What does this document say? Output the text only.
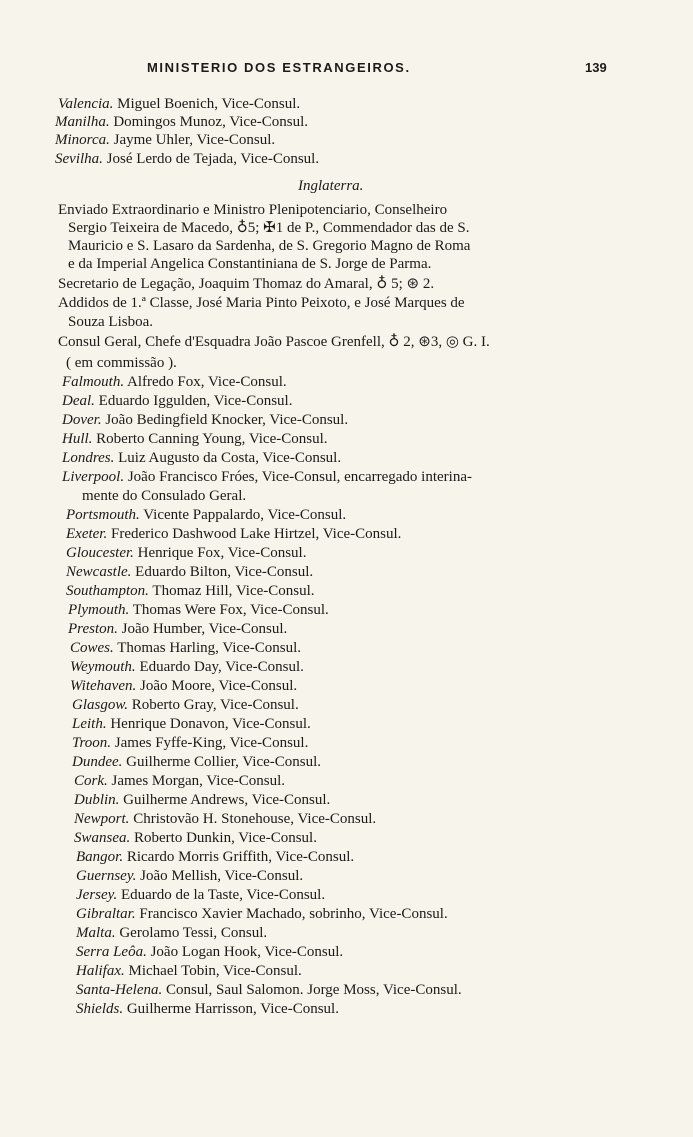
MINISTERIO DOS ESTRANGEIROS.	139
Valencia. Miguel Boenich, Vice-Consul.
Manilha. Domingos Munoz, Vice-Consul.
Minorca. Jayme Uhler, Vice-Consul.
Sevilha. José Lerdo de Tejada, Vice-Consul.
Inglaterra.
Enviado Extraordinario e Ministro Plenipotenciario, Conselheiro
Sergio Teixeira de Macedo, ♁5; ✠1 de P., Commendador das de S.
Mauricio e S. Lasaro da Sardenha, de S. Gregorio Magno de Roma
e da Imperial Angelica Constantiniana de S. Jorge de Parma.
Secretario de Legação, Joaquim Thomaz do Amaral, ♁ 5; ⊛ 2.
Addidos de 1.ª Classe, José Maria Pinto Peixoto, e José Marques de
Souza Lisboa.
Consul Geral, Chefe d'Esquadra João Pascoe Grenfell, ♁ 2, ⊛3, ◎ G. I.
( em commissão ).
Falmouth. Alfredo Fox, Vice-Consul.
Deal. Eduardo Iggulden, Vice-Consul.
Dover. João Bedingfield Knocker, Vice-Consul.
Hull. Roberto Canning Young, Vice-Consul.
Londres. Luiz Augusto da Costa, Vice-Consul.
Liverpool. João Francisco Fróes, Vice-Consul, encarregado interina-
mente do Consulado Geral.
Portsmouth. Vicente Pappalardo, Vice-Consul.
Exeter. Frederico Dashwood Lake Hirtzel, Vice-Consul.
Gloucester. Henrique Fox, Vice-Consul.
Newcastle. Eduardo Bilton, Vice-Consul.
Southampton. Thomaz Hill, Vice-Consul.
Plymouth. Thomas Were Fox, Vice-Consul.
Preston. João Humber, Vice-Consul.
Cowes. Thomas Harling, Vice-Consul.
Weymouth. Eduardo Day, Vice-Consul.
Witehaven. João Moore, Vice-Consul.
Glasgow. Roberto Gray, Vice-Consul.
Leith. Henrique Donavon, Vice-Consul.
Troon. James Fyffe-King, Vice-Consul.
Dundee. Guilherme Collier, Vice-Consul.
Cork. James Morgan, Vice-Consul.
Dublin. Guilherme Andrews, Vice-Consul.
Newport. Christovão H. Stonehouse, Vice-Consul.
Swansea. Roberto Dunkin, Vice-Consul.
Bangor. Ricardo Morris Griffith, Vice-Consul.
Guernsey. João Mellish, Vice-Consul.
Jersey. Eduardo de la Taste, Vice-Consul.
Gibraltar. Francisco Xavier Machado, sobrinho, Vice-Consul.
Malta. Gerolamo Tessi, Consul.
Serra Leôa. João Logan Hook, Vice-Consul.
Halifax. Michael Tobin, Vice-Consul.
Santa-Helena. Consul, Saul Salomon. Jorge Moss, Vice-Consul.
Shields. Guilherme Harrisson, Vice-Consul.
